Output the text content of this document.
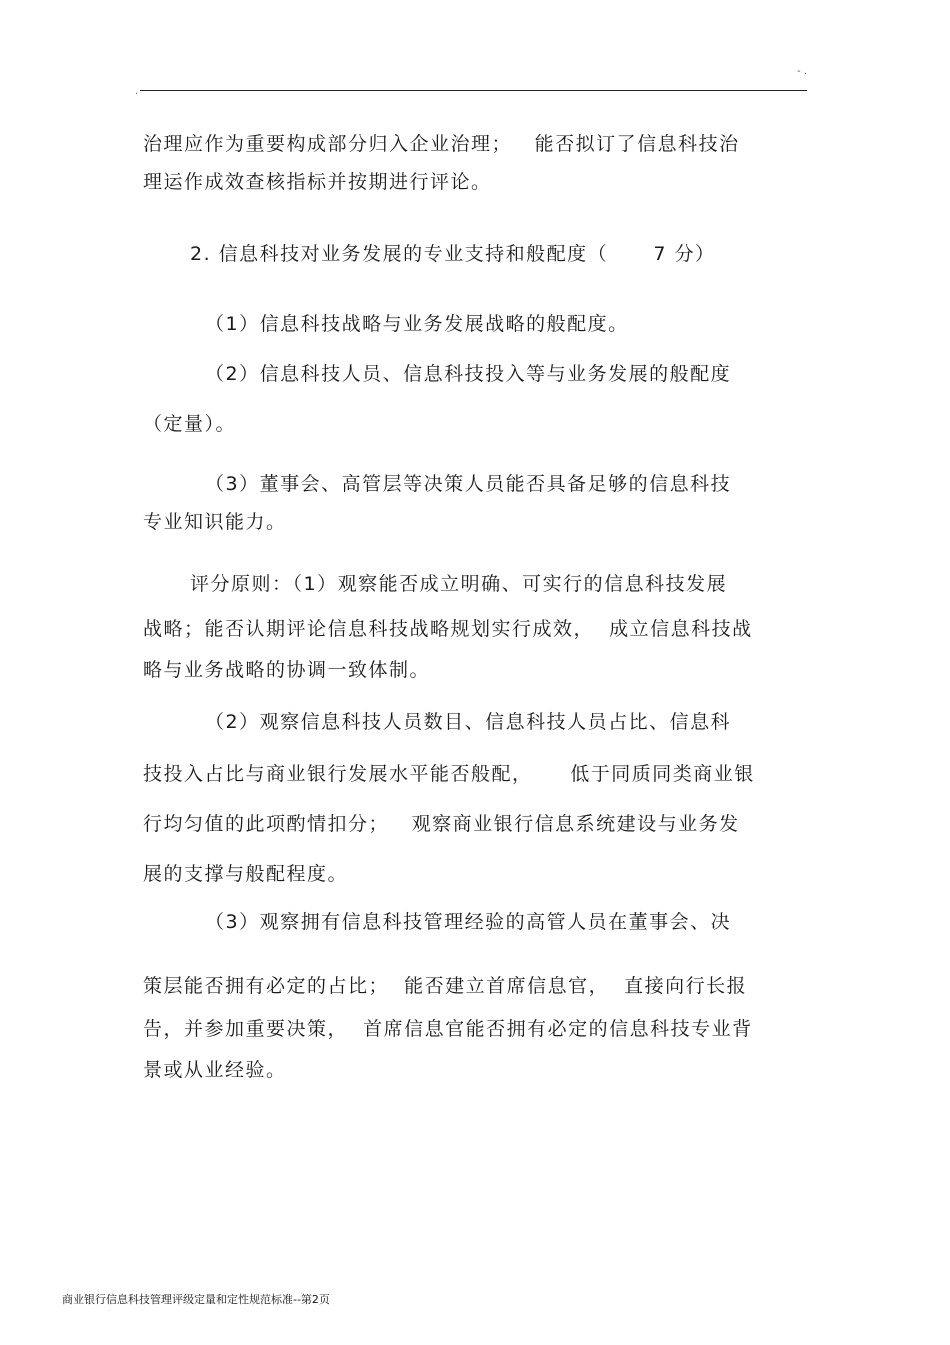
.
- .
治理应作为重要构成部分归入企业治理；   能否拟订了信息科技治
理运作成效查核指标并按期进行评论。
2. 信息科技对业务发展的专业支持和般配度（      7 分）
（1）信息科技战略与业务发展战略的般配度。
（2）信息科技人员、信息科技投入等与业务发展的般配度
（定量）。
（3）董事会、高管层等决策人员能否具备足够的信息科技
专业知识能力。
评分原则：（1）观察能否成立明确、可实行的信息科技发展
战略；能否认期评论信息科技战略规划实行成效，  成立信息科技战
略与业务战略的协调一致体制。
（2）观察信息科技人员数目、信息科技人员占比、信息科
技投入占比与商业银行发展水平能否般配，     低于同质同类商业银
行均匀值的此项酌情扣分；   观察商业银行信息系统建设与业务发
展的支撑与般配程度。
（3）观察拥有信息科技管理经验的高管人员在董事会、决
策层能否拥有必定的占比；  能否建立首席信息官，  直接向行长报
告，并参加重要决策，  首席信息官能否拥有必定的信息科技专业背
景或从业经验。
商业银行信息科技管理评级定量和定性规范标准--第2页
